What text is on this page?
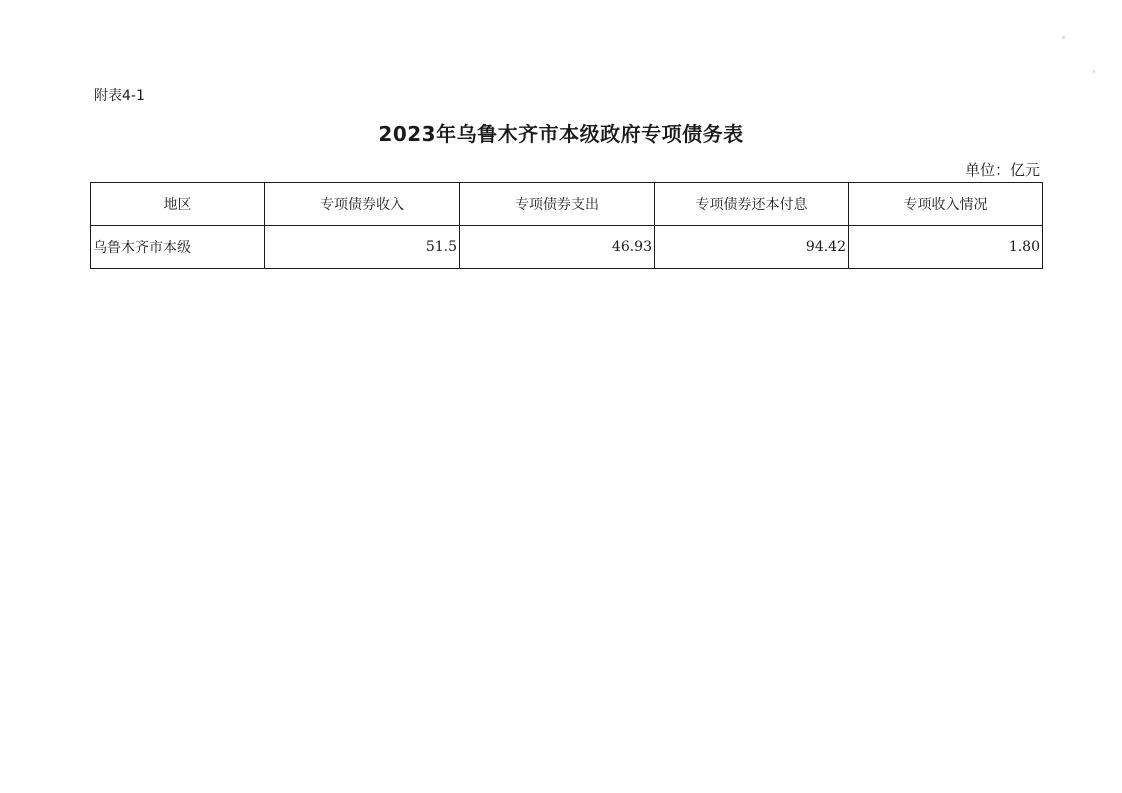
附表4-1
2023年乌鲁木齐市本级政府专项债务表
单位：亿元
地区	专项债券收入	专项债券支出	专项债券还本付息	专项收入情况
乌鲁木齐市本级	51.5	46.93	94.42	1.80
